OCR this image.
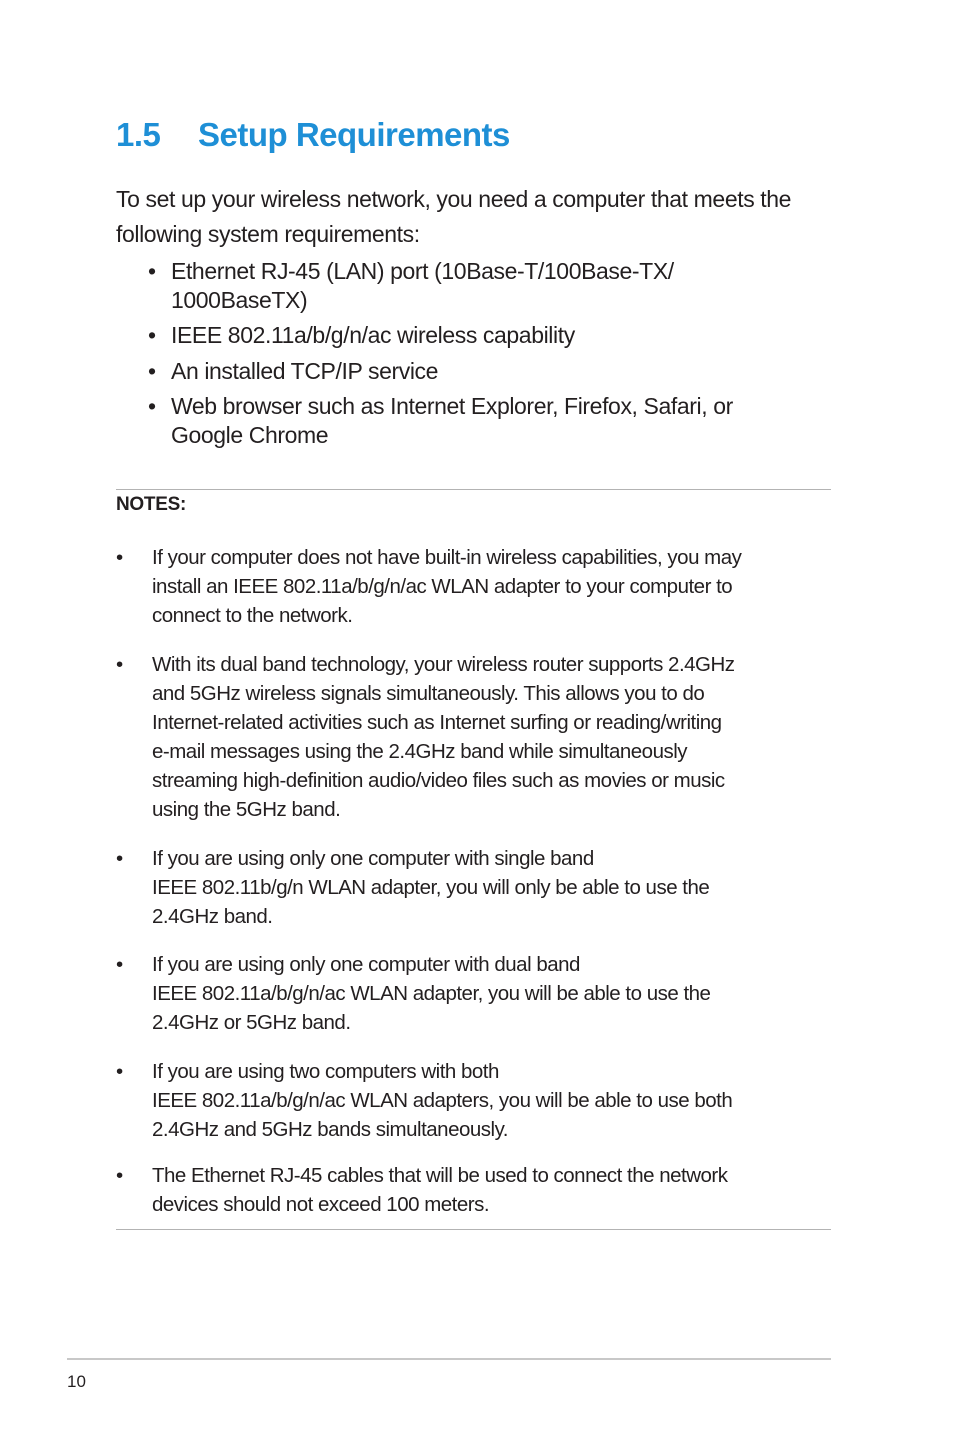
1.5 Setup Requirements
To set up your wireless network, you need a computer that meets the following system requirements:
• Ethernet RJ-45 (LAN) port (10Base-T/100Base-TX/ 1000BaseTX)
• IEEE 802.11a/b/g/n/ac wireless capability
• An installed TCP/IP service
• Web browser such as Internet Explorer, Firefox, Safari, or Google Chrome
NOTES:
• If your computer does not have built-in wireless capabilities, you may
install an IEEE 802.11a/b/g/n/ac WLAN adapter to your computer to
connect to the network.
• With its dual band technology, your wireless router supports 2.4GHz
and 5GHz wireless signals simultaneously. This allows you to do
Internet-related activities such as Internet surfing or reading/writing
e-mail messages using the 2.4GHz band while simultaneously
streaming high-definition audio/video files such as movies or music
using the 5GHz band.
• If you are using only one computer with single band
IEEE 802.11b/g/n WLAN adapter, you will only be able to use the
2.4GHz band.
• If you are using only one computer with dual band
IEEE 802.11a/b/g/n/ac WLAN adapter, you will be able to use the
2.4GHz or 5GHz band.
• If you are using two computers with both
IEEE 802.11a/b/g/n/ac WLAN adapters, you will be able to use both
2.4GHz and 5GHz bands simultaneously.
• The Ethernet RJ-45 cables that will be used to connect the network
devices should not exceed 100 meters.
10
